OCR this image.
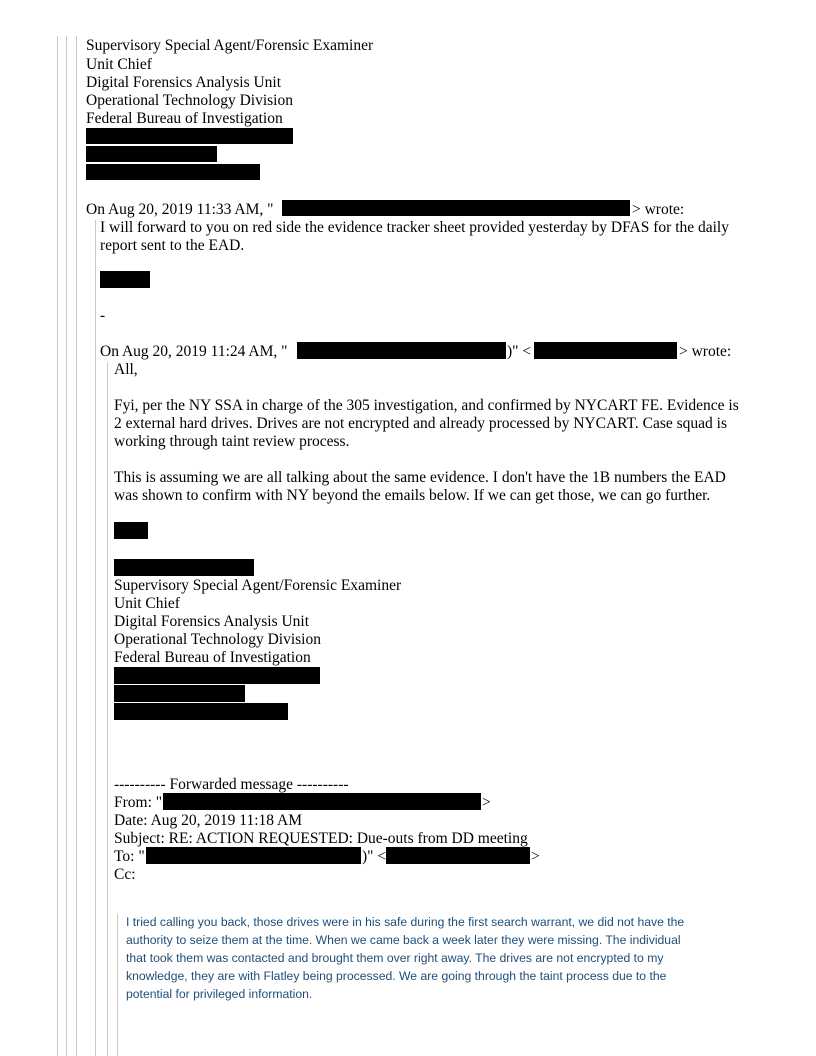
Supervisory Special Agent/Forensic Examiner
Unit Chief
Digital Forensics Analysis Unit
Operational Technology Division
Federal Bureau of Investigation
On Aug 20, 2019 11:33 AM, "	> wrote:
I will forward to you on red side the evidence tracker sheet provided yesterday by DFAS for the daily
report sent to the EAD.
-
On Aug 20, 2019 11:24 AM, "	)" <	> wrote:
All,
Fyi, per the NY SSA in charge of the 305 investigation, and confirmed by NYCART FE. Evidence is
2 external hard drives. Drives are not encrypted and already processed by NYCART. Case squad is
working through taint review process.
This is assuming we are all talking about the same evidence. I don't have the 1B numbers the EAD
was shown to confirm with NY beyond the emails below. If we can get those, we can go further.
Supervisory Special Agent/Forensic Examiner
Unit Chief
Digital Forensics Analysis Unit
Operational Technology Division
Federal Bureau of Investigation
---------- Forwarded message ----------
From: "	>
Date: Aug 20, 2019 11:18 AM
Subject: RE: ACTION REQUESTED: Due-outs from DD meeting
To: "	)" <	>
Cc:
I tried calling you back, those drives were in his safe during the first search warrant, we did not have the
authority to seize them at the time. When we came back a week later they were missing. The individual
that took them was contacted and brought them over right away. The drives are not encrypted to my
knowledge, they are with Flatley being processed. We are going through the taint process due to the
potential for privileged information.
